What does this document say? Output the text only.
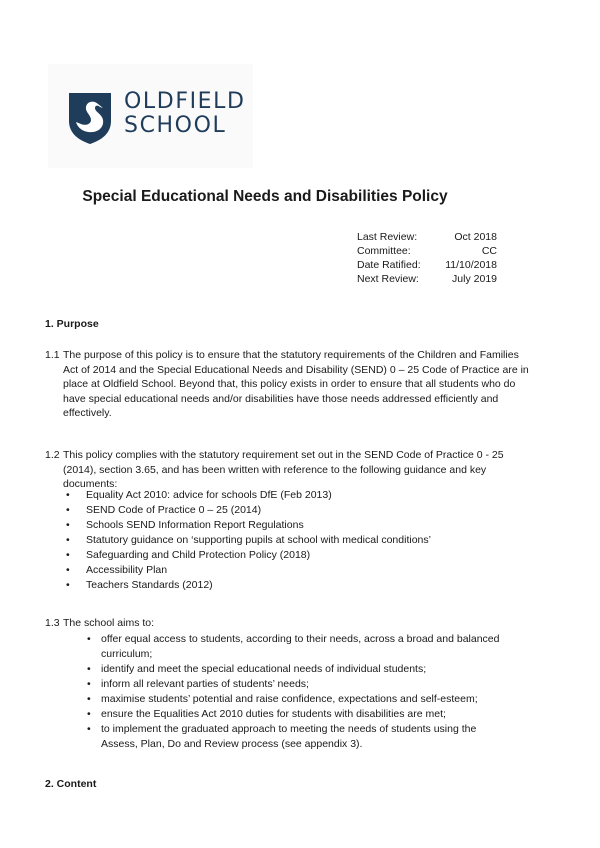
OLDFIELD
SCHOOL
Special Educational Needs and Disabilities Policy
Last Review:	Oct 2018
Committee:	CC
Date Ratified: 11/10/2018
Next Review:	July 2019
1. Purpose
1.1 The purpose of this policy is to ensure that the statutory requirements of the Children and Families Act of 2014 and the Special Educational Needs and Disability (SEND) 0 – 25 Code of Practice are in place at Oldfield School. Beyond that, this policy exists in order to ensure that all students who do have special educational needs and/or disabilities have those needs addressed efficiently and effectively.
1.2 This policy complies with the statutory requirement set out in the SEND Code of Practice 0 - 25 (2014), section 3.65, and has been written with reference to the following guidance and key documents:
• Equality Act 2010: advice for schools DfE (Feb 2013)
• SEND Code of Practice 0 – 25 (2014)
• Schools SEND Information Report Regulations
• Statutory guidance on ‘supporting pupils at school with medical conditions’
• Safeguarding and Child Protection Policy (2018)
• Accessibility Plan
• Teachers Standards (2012)
1.3 The school aims to:
• offer equal access to students, according to their needs, across a broad and balanced curriculum;
• identify and meet the special educational needs of individual students;
• inform all relevant parties of students’ needs;
• maximise students’ potential and raise confidence, expectations and self-esteem;
• ensure the Equalities Act 2010 duties for students with disabilities are met;
• to implement the graduated approach to meeting the needs of students using the Assess, Plan, Do and Review process (see appendix 3).
2. Content
